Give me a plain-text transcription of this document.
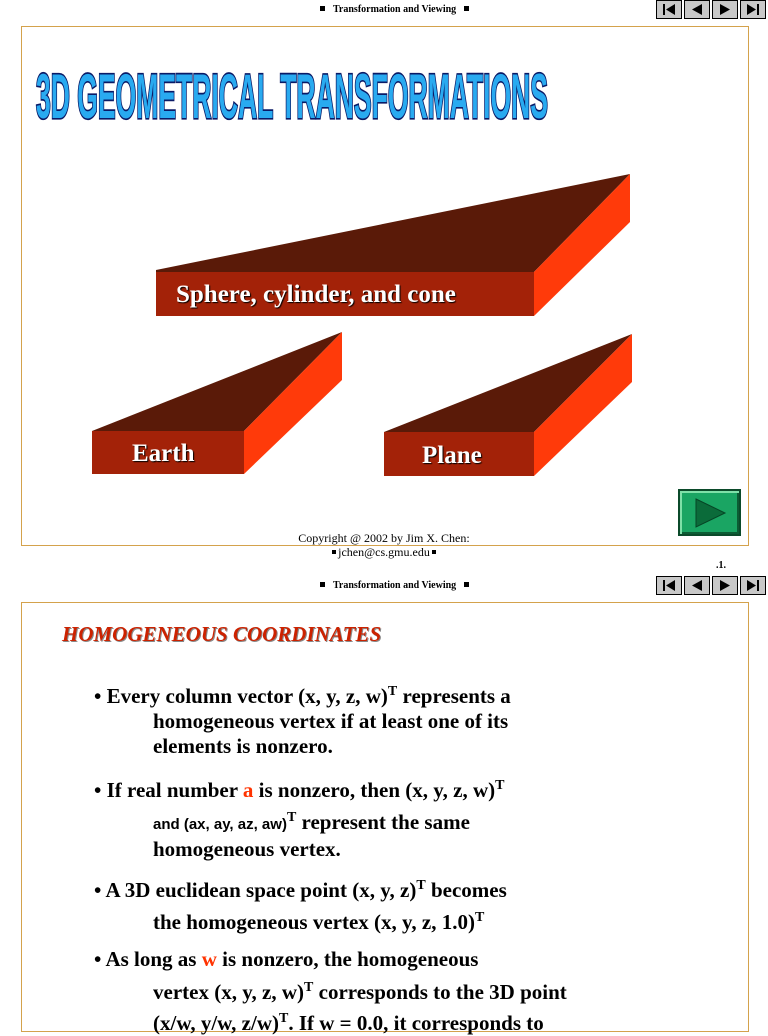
Transformation and Viewing
3D GEOMETRICAL TRANSFORMATIONS
Sphere, cylinder, and cone
Earth	Plane
Copyright @ 2002 by Jim X. Chen:
jchen@cs.gmu.edu
.1.
Transformation and Viewing
HOMOGENEOUS COORDINATES
• Every column vector (x, y, z, w)$^T$ represents a
homogeneous vertex if at least one of its
elements is nonzero.
• If real number a is nonzero, then (x, y, z, w)$^T$
and (ax, ay, az, aw)$^T$ represent the same
homogeneous vertex.
• A 3D euclidean space point (x, y, z)$^T$ becomes
the homogeneous vertex (x, y, z, 1.0)$^T$
• As long as w is nonzero, the homogeneous
vertex (x, y, z, w)$^T$ corresponds to the 3D point
(x/w, y/w, z/w)$^T$. If w = 0.0, it corresponds to
